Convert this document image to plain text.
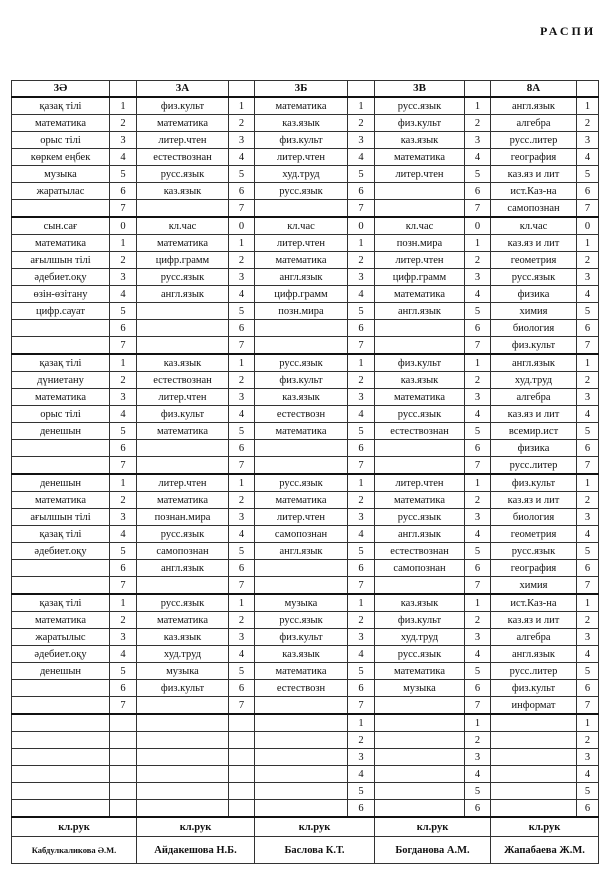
РАСПИ
3Ә		3А		3Б		3В		8А	
қазақ тілі	1	физ.культ	1	математика	1	русс.язык	1	англ.язык	1
математика	2	математика	2	каз.язык	2	физ.культ	2	алгебра	2
орыс тілі	3	литер.чтен	3	физ.культ	3	каз.язык	3	русс.литер	3
көркем еңбек	4	естествознан	4	литер.чтен	4	математика	4	география	4
музыка	5	русс.язык	5	худ.труд	5	литер.чтен	5	каз.яз и лит	5
жаратылас	6	каз.язык	6	русс.язык	6		6	ист.Каз-на	6
	7		7		7		7	самопознан	7
сын.сағ	0	кл.час	0	кл.час	0	кл.час	0	кл.час	0
математика	1	математика	1	литер.чтен	1	позн.мира	1	каз.яз и лит	1
ағылшын тілі	2	цифр.грамм	2	математика	2	литер.чтен	2	геометрия	2
әдебиет.оқу	3	русс.язык	3	англ.язык	3	цифр.грамм	3	русс.язык	3
өзін-өзітану	4	англ.язык	4	цифр.грамм	4	математика	4	физика	4
цифр.сауат	5		5	позн.мира	5	англ.язык	5	химия	5
	6		6		6		6	биология	6
	7		7		7		7	физ.культ	7
қазақ тілі	1	каз.язык	1	русс.язык	1	физ.культ	1	англ.язык	1
дүниетану	2	естествознан	2	физ.культ	2	каз.язык	2	худ.труд	2
математика	3	литер.чтен	3	каз.язык	3	математика	3	алгебра	3
орыс тілі	4	физ.культ	4	естествозн	4	русс.язык	4	каз.яз и лит	4
денешын	5	математика	5	математика	5	естествознан	5	всемир.ист	5
	6		6		6		6	физика	6
	7		7		7		7	русс.литер	7
денешын	1	литер.чтен	1	русс.язык	1	литер.чтен	1	физ.культ	1
математика	2	математика	2	математика	2	математика	2	каз.яз и лит	2
ағылшын тілі	3	познан.мира	3	литер.чтен	3	русс.язык	3	биология	3
қазақ тілі	4	русс.язык	4	самопознан	4	англ.язык	4	геометрия	4
әдебиет.оқу	5	самопознан	5	англ.язык	5	естествознан	5	русс.язык	5
	6	англ.язык	6		6	самопознан	6	география	6
	7		7		7		7	химия	7
қазақ тілі	1	русс.язык	1	музыка	1	каз.язык	1	ист.Каз-на	1
математика	2	математика	2	русс.язык	2	физ.культ	2	каз.яз и лит	2
жаратылыс	3	каз.язык	3	физ.культ	3	худ.труд	3	алгебра	3
әдебиет.оқу	4	худ.труд	4	каз.язык	4	русс.язык	4	англ.язык	4
денешын	5	музыка	5	математика	5	математика	5	русс.литер	5
	6	физ.культ	6	естествозн	6	музыка	6	физ.культ	6
	7		7		7		7	информат	7
					1		1		1
					2		2		2
					3		3		3
					4		4		4
					5		5		5
					6		6		6
кл.рук		кл.рук		кл.рук		кл.рук		кл.рук	
Кабдулкаликова Ә.М.		Айдакешова Н.Б.		Баслова К.Т.		Богданова А.М.		Жапабаева Ж.М.	
